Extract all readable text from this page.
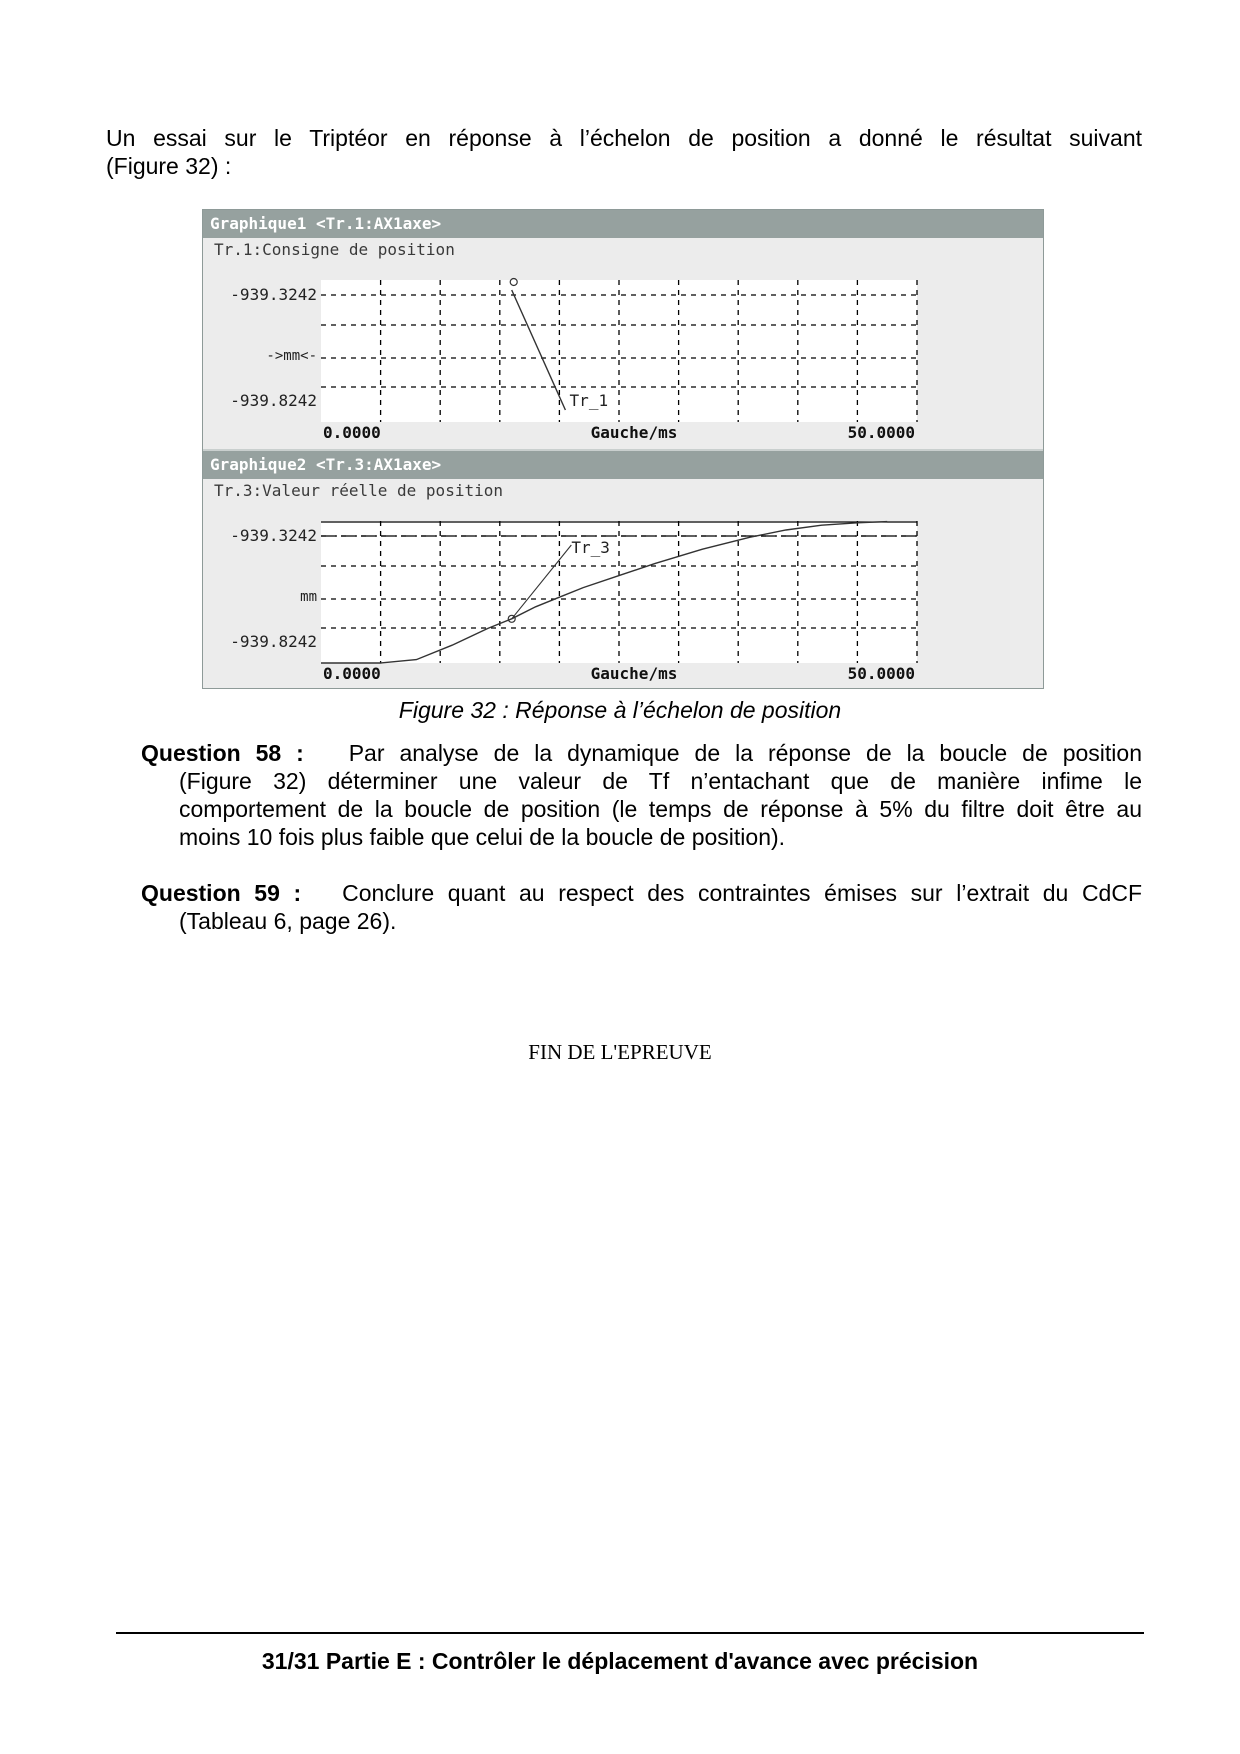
Un essai sur le Triptéor en réponse à l’échelon de position a donné le résultat suivant
(Figure 32) :
Graphique1 <Tr.1:AX1axe>
Tr.1:Consigne de position
-939.3242
-939.8242
->mm<-
0.0000	Gauche/ms	50.0000
Tr_1
Graphique2 <Tr.3:AX1axe>
Tr.3:Valeur réelle de position
-939.3242
-939.8242
mm
0.0000	Gauche/ms	50.0000
Tr_3
Figure 32 : Réponse à l’échelon de position
Question 58 : Par analyse de la dynamique de la réponse de la boucle de position
(Figure 32) déterminer une valeur de Tf n’entachant que de manière infime le
comportement de la boucle de position (le temps de réponse à 5% du filtre doit être au
moins 10 fois plus faible que celui de la boucle de position).
Question 59 : Conclure quant au respect des contraintes émises sur l’extrait du CdCF
(Tableau 6, page 26).
FIN DE L'EPREUVE
31/31 Partie E : Contrôler le déplacement d'avance avec précision
